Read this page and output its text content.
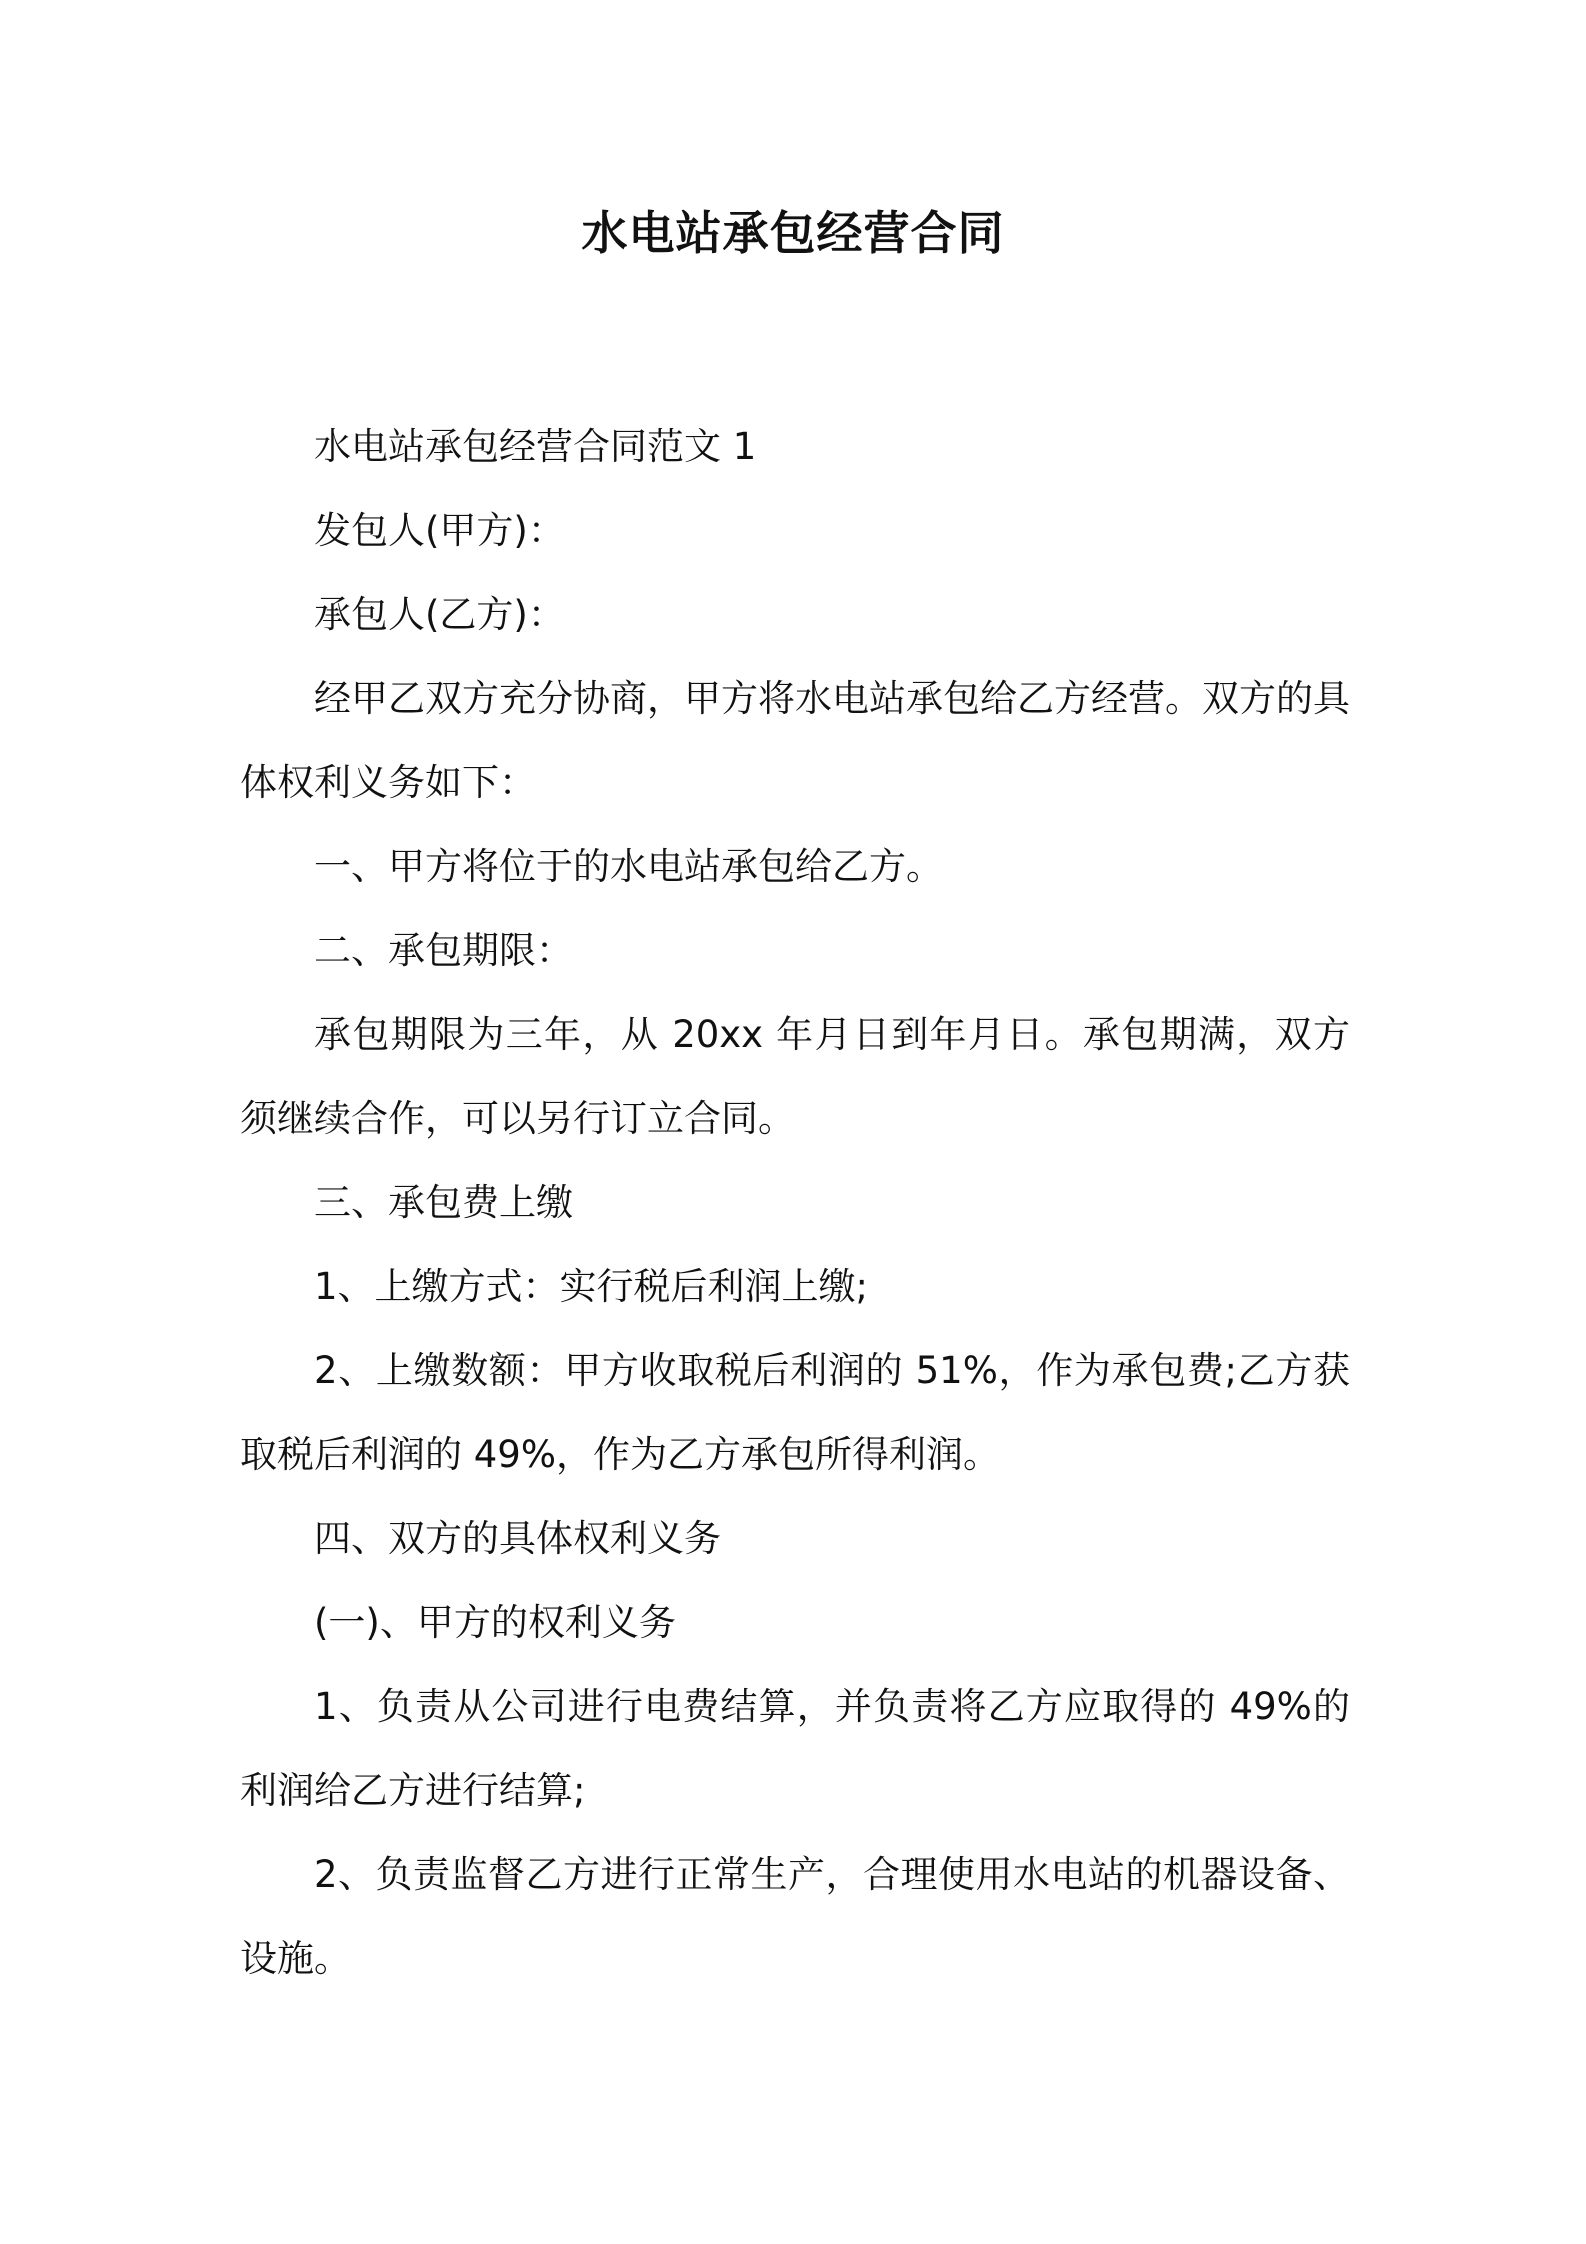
水电站承包经营合同

水电站承包经营合同范文 1

发包人(甲方)：

承包人(乙方)：

经甲乙双方充分协商，甲方将水电站承包给乙方经营。双方的具体权利义务如下：

一、甲方将位于的水电站承包给乙方。

二、承包期限：

承包期限为三年，从 20xx 年月日到年月日。承包期满，双方须继续合作，可以另行订立合同。

三、承包费上缴

1、上缴方式：实行税后利润上缴;

2、上缴数额：甲方收取税后利润的 51%，作为承包费;乙方获取税后利润的 49%，作为乙方承包所得利润。

四、双方的具体权利义务

(一)、甲方的权利义务

1、负责从公司进行电费结算，并负责将乙方应取得的 49%的利润给乙方进行结算;

2、负责监督乙方进行正常生产，合理使用水电站的机器设备、设施。
